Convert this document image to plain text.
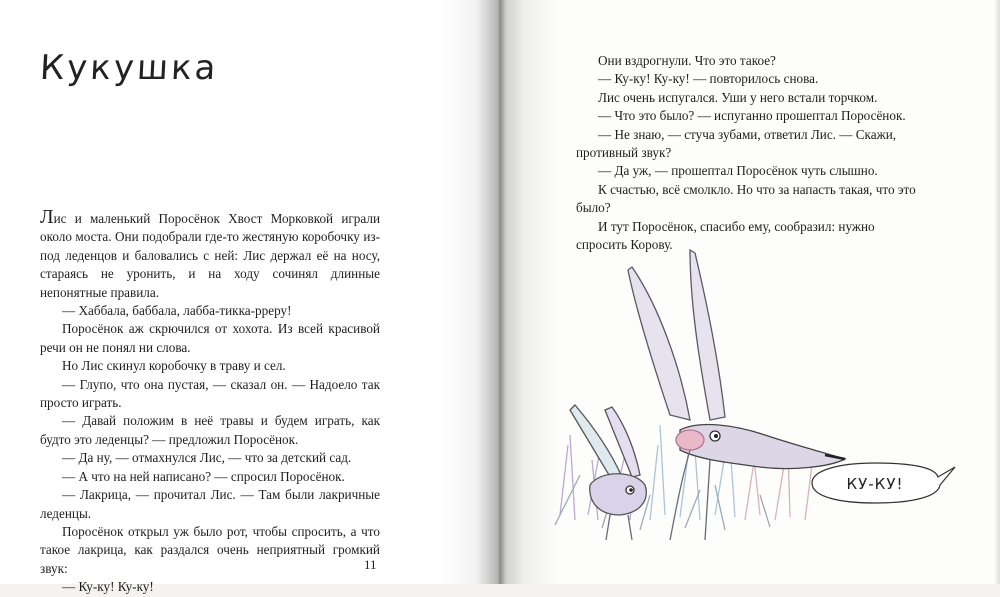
Кукушка

Лис и маленький Поросёнок Хвост Морковкой играли около моста. Они подобрали где-то жестяную коробочку из-под леденцов и баловались с ней: Лис держал её на носу, стараясь не уронить, и на ходу сочинял длинные непонятные правила.

— Хаббала, баббала, лабба-тикка-рреру!

Поросёнок аж скрючился от хохота. Из всей красивой речи он не понял ни слова.

Но Лис скинул коробочку в траву и сел.

— Глупо, что она пустая, — сказал он. — Надоело так просто играть.

— Давай положим в неё травы и будем играть, как будто это леденцы? — предложил Поросёнок.

— Да ну, — отмахнулся Лис, — что за детский сад.

— А что на ней написано? — спросил Поросёнок.

— Лакрица, — прочитал Лис. — Там были лакричные леденцы.

Поросёнок открыл уж было рот, чтобы спросить, а что такое лакрица, как раздался очень неприятный громкий звук:

— Ку-ку! Ку-ку!

11

Они вздрогнули. Что это такое?

— Ку-ку! Ку-ку! — повторилось снова.

Лис очень испугался. Уши у него встали торчком.

— Что это было? — испуганно прошептал Поросёнок.

— Не знаю, — стуча зубами, ответил Лис. — Скажи, противный звук?

— Да уж, — прошептал Поросёнок чуть слышно.

К счастью, всё смолкло. Но что за напасть такая, что это было?

И тут Поросёнок, спасибо ему, сообразил: нужно спросить Корову.

КУ-КУ!
